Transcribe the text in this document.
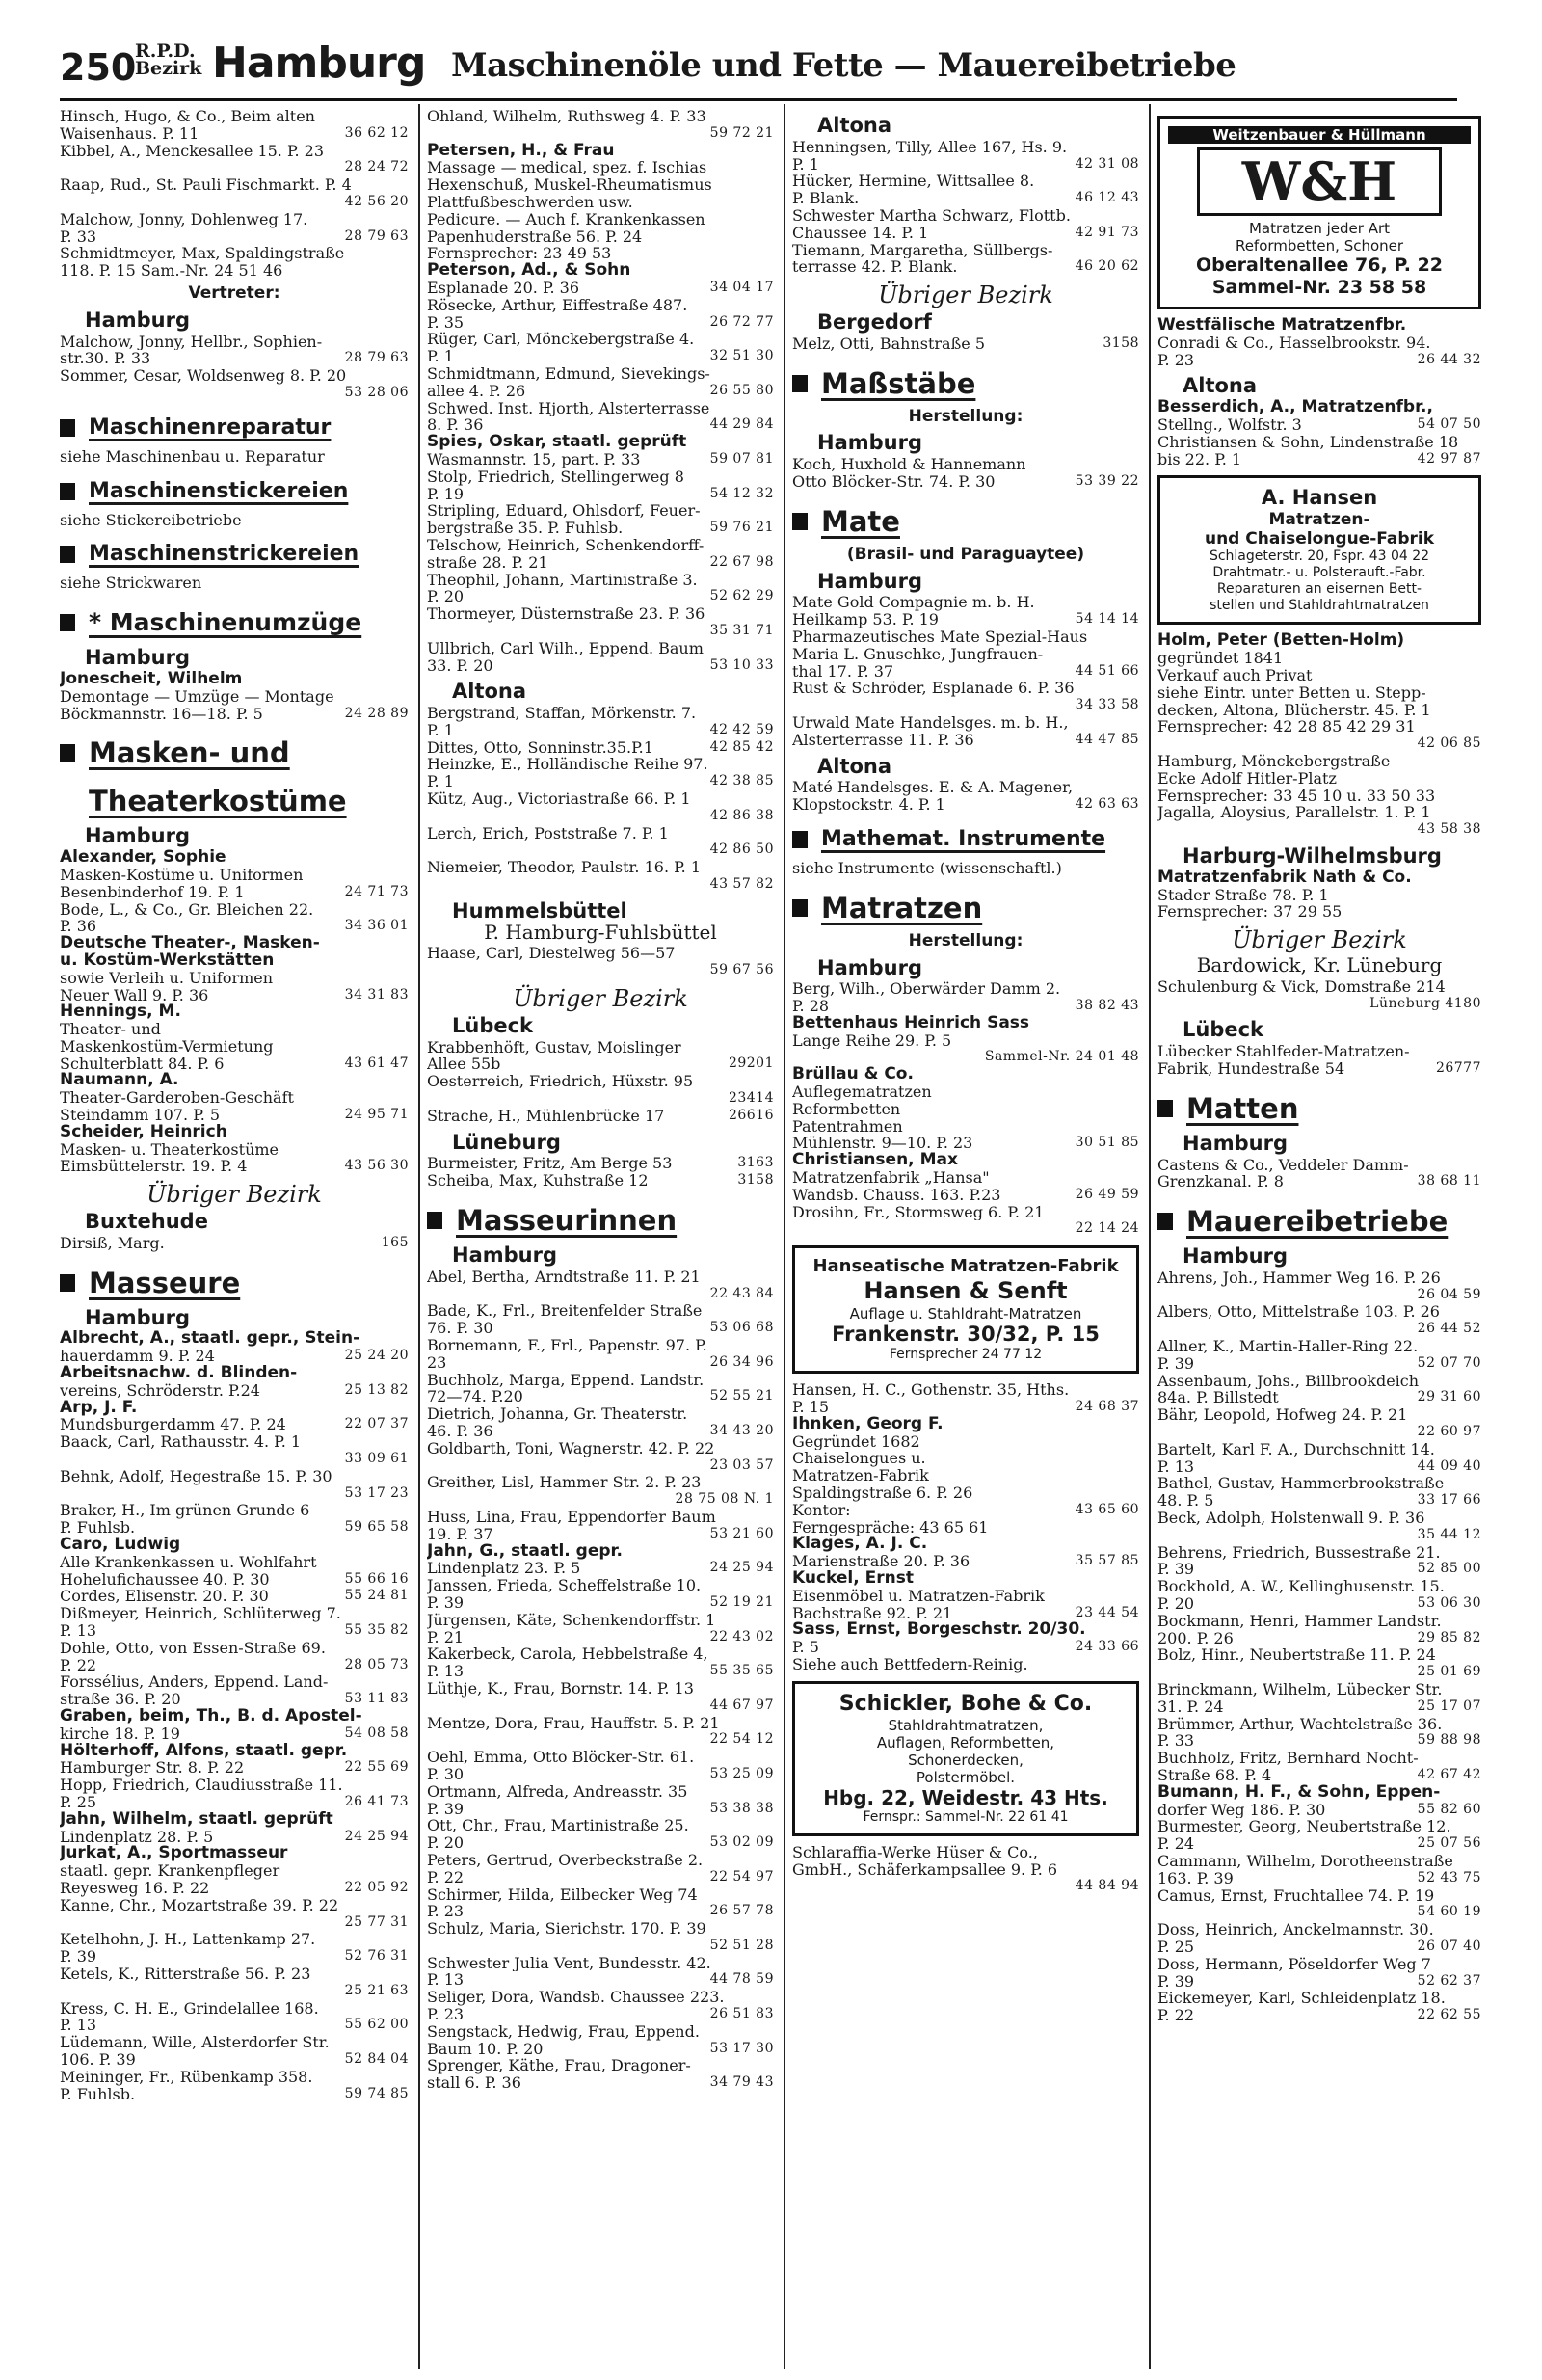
250
R.P.D.
Bezirk Hamburg Maschinenöle und Fette — Mauereibetriebe
Hinsch, Hugo, & Co., Beim alten
36 62 12
Waisenhaus. P. 11
Kibbel, A., Menckesallee 15. P. 23
28 24 72
Raap, Rud., St. Pauli Fischmarkt. P. 4
42 56 20
Malchow, Jonny, Dohlenweg 17.
28 79 63
P. 33
Schmidtmeyer, Max, Spaldingstraße
118. P. 15 Sam.-Nr. 24 51 46
Vertreter:
Hamburg
Malchow, Jonny, Hellbr., Sophien-
28 79 63
str.30. P. 33
Sommer, Cesar, Woldsenweg 8. P. 20
53 28 06
Maschinenreparatur
siehe Maschinenbau u. Reparatur
Maschinenstickereien
siehe Stickereibetriebe
Maschinenstrickereien
siehe Strickwaren
* Maschinenumzüge
Hamburg
Jonescheit, Wilhelm
Demontage — Umzüge — Montage
24 28 89
Böckmannstr. 16—18. P. 5
Masken- und
Theaterkostüme
Hamburg
Alexander, Sophie
Masken-Kostüme u. Uniformen
24 71 73
Besenbinderhof 19. P. 1
Bode, L., & Co., Gr. Bleichen 22.
34 36 01
P. 36
Deutsche Theater-, Masken-
u. Kostüm-Werkstätten
sowie Verleih u. Uniformen
34 31 83
Neuer Wall 9. P. 36
Hennings, M.
Theater- und
Maskenkostüm-Vermietung
43 61 47
Schulterblatt 84. P. 6
Naumann, A.
Theater-Garderoben-Geschäft
24 95 71
Steindamm 107. P. 5
Scheider, Heinrich
Masken- u. Theaterkostüme
43 56 30
Eimsbüttelerstr. 19. P. 4
Übriger Bezirk
Buxtehude
165
Dirsiß, Marg.
Masseure
Hamburg
Albrecht, A., staatl. gepr., Stein-
25 24 20
hauerdamm 9. P. 24
Arbeitsnachw. d. Blinden-
25 13 82
vereins, Schröderstr. P.24
Arp, J. F.
22 07 37
Mundsburgerdamm 47. P. 24
Baack, Carl, Rathausstr. 4. P. 1
33 09 61
Behnk, Adolf, Hegestraße 15. P. 30
53 17 23
Braker, H., Im grünen Grunde 6
59 65 58
P. Fuhlsb.
Caro, Ludwig
Alle Krankenkassen u. Wohlfahrt
55 66 16
Hohelufichaussee 40. P. 30
55 24 81
Cordes, Elisenstr. 20. P. 30
Dißmeyer, Heinrich, Schlüterweg 7.
55 35 82
P. 13
Dohle, Otto, von Essen-Straße 69.
28 05 73
P. 22
Forssélius, Anders, Eppend. Land-
53 11 83
straße 36. P. 20
Graben, beim, Th., B. d. Apostel-
54 08 58
kirche 18. P. 19
Hölterhoff, Alfons, staatl. gepr.
22 55 69
Hamburger Str. 8. P. 22
Hopp, Friedrich, Claudiusstraße 11.
26 41 73
P. 25
Jahn, Wilhelm, staatl. geprüft
24 25 94
Lindenplatz 28. P. 5
Jurkat, A., Sportmasseur
staatl. gepr. Krankenpfleger
22 05 92
Reyesweg 16. P. 22
Kanne, Chr., Mozartstraße 39. P. 22
25 77 31
Ketelhohn, J. H., Lattenkamp 27.
52 76 31
P. 39
Ketels, K., Ritterstraße 56. P. 23
25 21 63
Kress, C. H. E., Grindelallee 168.
55 62 00
P. 13
Lüdemann, Wille, Alsterdorfer Str.
52 84 04
106. P. 39
Meininger, Fr., Rübenkamp 358.
59 74 85
P. Fuhlsb.
Ohland, Wilhelm, Ruthsweg 4. P. 33
59 72 21
Petersen, H., & Frau
Massage — medical, spez. f. Ischias
Hexenschuß, Muskel-Rheumatismus
Plattfußbeschwerden usw.
Pedicure. — Auch f. Krankenkassen
Papenhuderstraße 56. P. 24
Fernsprecher: 23 49 53
Peterson, Ad., & Sohn
34 04 17
Esplanade 20. P. 36
Rösecke, Arthur, Eiffestraße 487.
26 72 77
P. 35
Rüger, Carl, Mönckebergstraße 4.
32 51 30
P. 1
Schmidtmann, Edmund, Sievekings-
26 55 80
allee 4. P. 26
Schwed. Inst. Hjorth, Alsterterrasse
44 29 84
8. P. 36
Spies, Oskar, staatl. geprüft
59 07 81
Wasmannstr. 15, part. P. 33
Stolp, Friedrich, Stellingerweg 8
54 12 32
P. 19
Stripling, Eduard, Ohlsdorf, Feuer-
59 76 21
bergstraße 35. P. Fuhlsb.
Telschow, Heinrich, Schenkendorff-
22 67 98
straße 28. P. 21
Theophil, Johann, Martinistraße 3.
52 62 29
P. 20
Thormeyer, Düsternstraße 23. P. 36
35 31 71
Ullbrich, Carl Wilh., Eppend. Baum
53 10 33
33. P. 20
Altona
Bergstrand, Staffan, Mörkenstr. 7.
42 42 59
P. 1
42 85 42
Dittes, Otto, Sonninstr.35.P.1
Heinzke, E., Holländische Reihe 97.
42 38 85
P. 1
Kütz, Aug., Victoriastraße 66. P. 1
42 86 38
Lerch, Erich, Poststraße 7. P. 1
42 86 50
Niemeier, Theodor, Paulstr. 16. P. 1
43 57 82
Hummelsbüttel
P. Hamburg-Fuhlsbüttel
Haase, Carl, Diestelweg 56—57
59 67 56
Übriger Bezirk
Lübeck
Krabbenhöft, Gustav, Moislinger
29201
Allee 55b
Oesterreich, Friedrich, Hüxstr. 95
23414
26616
Strache, H., Mühlenbrücke 17
Lüneburg
3163
Burmeister, Fritz, Am Berge 53
3158
Scheiba, Max, Kuhstraße 12
Masseurinnen
Hamburg
Abel, Bertha, Arndtstraße 11. P. 21
22 43 84
Bade, K., Frl., Breitenfelder Straße
53 06 68
76. P. 30
Bornemann, F., Frl., Papenstr. 97. P.
26 34 96
23
Buchholz, Marga, Eppend. Landstr.
52 55 21
72—74. P.20
Dietrich, Johanna, Gr. Theaterstr.
34 43 20
46. P. 36
Goldbarth, Toni, Wagnerstr. 42. P. 22
23 03 57
Greither, Lisl, Hammer Str. 2. P. 23
28 75 08 N. 1
Huss, Lina, Frau, Eppendorfer Baum
53 21 60
19. P. 37
Jahn, G., staatl. gepr.
24 25 94
Lindenplatz 23. P. 5
Janssen, Frieda, Scheffelstraße 10.
52 19 21
P. 39
Jürgensen, Käte, Schenkendorffstr. 1
22 43 02
P. 21
Kakerbeck, Carola, Hebbelstraße 4,
55 35 65
P. 13
Lüthje, K., Frau, Bornstr. 14. P. 13
44 67 97
Mentze, Dora, Frau, Hauffstr. 5. P. 21
22 54 12
Oehl, Emma, Otto Blöcker-Str. 61.
53 25 09
P. 30
Ortmann, Alfreda, Andreasstr. 35
53 38 38
P. 39
Ott, Chr., Frau, Martinistraße 25.
53 02 09
P. 20
Peters, Gertrud, Overbeckstraße 2.
22 54 97
P. 22
Schirmer, Hilda, Eilbecker Weg 74
26 57 78
P. 23
Schulz, Maria, Sierichstr. 170. P. 39
52 51 28
Schwester Julia Vent, Bundesstr. 42.
44 78 59
P. 13
Seliger, Dora, Wandsb. Chaussee 223.
26 51 83
P. 23
Sengstack, Hedwig, Frau, Eppend.
53 17 30
Baum 10. P. 20
Sprenger, Käthe, Frau, Dragoner-
34 79 43
stall 6. P. 36
Altona
Henningsen, Tilly, Allee 167, Hs. 9.
42 31 08
P. 1
Hücker, Hermine, Wittsallee 8.
46 12 43
P. Blank.
Schwester Martha Schwarz, Flottb.
42 91 73
Chaussee 14. P. 1
Tiemann, Margaretha, Süllbergs-
46 20 62
terrasse 42. P. Blank.
Übriger Bezirk
Bergedorf
3158
Melz, Otti, Bahnstraße 5
Maßstäbe
Herstellung:
Hamburg
Koch, Huxhold & Hannemann
53 39 22
Otto Blöcker-Str. 74. P. 30
Mate
(Brasil- und Paraguaytee)
Hamburg
Mate Gold Compagnie m. b. H.
54 14 14
Heilkamp 53. P. 19
Pharmazeutisches Mate Spezial-Haus
Maria L. Gnuschke, Jungfrauen-
44 51 66
thal 17. P. 37
Rust & Schröder, Esplanade 6. P. 36
34 33 58
Urwald Mate Handelsges. m. b. H.,
44 47 85
Alsterterrasse 11. P. 36
Altona
Maté Handelsges. E. & A. Magener,
42 63 63
Klopstockstr. 4. P. 1
Mathemat. Instrumente
siehe Instrumente (wissenschaftl.)
Matratzen
Herstellung:
Hamburg
Berg, Wilh., Oberwärder Damm 2.
38 82 43
P. 28
Bettenhaus Heinrich Sass
Lange Reihe 29. P. 5
Sammel-Nr. 24 01 48
Brüllau & Co.
Auflegematratzen
Reformbetten
Patentrahmen
30 51 85
Mühlenstr. 9—10. P. 23
Christiansen, Max
Matratzenfabrik „Hansa"
26 49 59
Wandsb. Chauss. 163. P.23
Drosihn, Fr., Stormsweg 6. P. 21
22 14 24
Hanseatische Matratzen-Fabrik
Hansen & Senft
Auflage u. Stahldraht-Matratzen
Frankenstr. 30/32, P. 15
Fernsprecher 24 77 12
Hansen, H. C., Gothenstr. 35, Hths.
24 68 37
P. 15
Ihnken, Georg F.
Gegründet 1682
Chaiselongues u.
Matratzen-Fabrik
Spaldingstraße 6. P. 26
43 65 60
Kontor:
Ferngespräche: 43 65 61
Klages, A. J. C.
35 57 85
Marienstraße 20. P. 36
Kuckel, Ernst
Eisenmöbel u. Matratzen-Fabrik
23 44 54
Bachstraße 92. P. 21
Sass, Ernst, Borgeschstr. 20/30.
24 33 66
P. 5
Siehe auch Bettfedern-Reinig.
Schickler, Bohe & Co.
Stahldrahtmatratzen,
Auflagen, Reformbetten,
Schonerdecken,
Polstermöbel.
Hbg. 22, Weidestr. 43 Hts.
Fernspr.: Sammel-Nr. 22 61 41
Schlaraffia-Werke Hüser & Co.,
GmbH., Schäferkampsallee 9. P. 6
44 84 94
Weitzenbauer & Hüllmann
W&H
Matratzen jeder Art
Reformbetten, Schoner
Oberaltenallee 76, P. 22
Sammel-Nr. 23 58 58
Westfälische Matratzenfbr.
Conradi & Co., Hasselbrookstr. 94.
26 44 32
P. 23
Altona
Besserdich, A., Matratzenfbr.,
54 07 50
Stellng., Wolfstr. 3
Christiansen & Sohn, Lindenstraße 18
42 97 87
bis 22. P. 1
A. Hansen
Matratzen-
und Chaiselongue-Fabrik
Schlageterstr. 20, Fspr. 43 04 22
Drahtmatr.- u. Polsterauft.-Fabr.
Reparaturen an eisernen Bett-
stellen und Stahldrahtmatratzen
Holm, Peter (Betten-Holm)
gegründet 1841
Verkauf auch Privat
siehe Eintr. unter Betten u. Stepp-
decken, Altona, Blücherstr. 45. P. 1
Fernsprecher: 42 28 85 42 29 31
42 06 85
Hamburg, Mönckebergstraße
Ecke Adolf Hitler-Platz
Fernsprecher: 33 45 10 u. 33 50 33
Jagalla, Aloysius, Parallelstr. 1. P. 1
43 58 38
Harburg-Wilhelmsburg
Matratzenfabrik Nath & Co.
Stader Straße 78. P. 1
Fernsprecher: 37 29 55
Übriger Bezirk
Bardowick, Kr. Lüneburg
Schulenburg & Vick, Domstraße 214
Lüneburg 4180
Lübeck
Lübecker Stahlfeder-Matratzen-
26777
Fabrik, Hundestraße 54
Matten
Hamburg
Castens & Co., Veddeler Damm-
38 68 11
Grenzkanal. P. 8
Mauereibetriebe
Hamburg
Ahrens, Joh., Hammer Weg 16. P. 26
26 04 59
Albers, Otto, Mittelstraße 103. P. 26
26 44 52
Allner, K., Martin-Haller-Ring 22.
52 07 70
P. 39
Assenbaum, Johs., Billbrookdeich
29 31 60
84a. P. Billstedt
Bähr, Leopold, Hofweg 24. P. 21
22 60 97
Bartelt, Karl F. A., Durchschnitt 14.
44 09 40
P. 13
Bathel, Gustav, Hammerbrookstraße
33 17 66
48. P. 5
Beck, Adolph, Holstenwall 9. P. 36
35 44 12
Behrens, Friedrich, Bussestraße 21.
52 85 00
P. 39
Bockhold, A. W., Kellinghusenstr. 15.
53 06 30
P. 20
Bockmann, Henri, Hammer Landstr.
29 85 82
200. P. 26
Bolz, Hinr., Neubertstraße 11. P. 24
25 01 69
Brinckmann, Wilhelm, Lübecker Str.
25 17 07
31. P. 24
Brümmer, Arthur, Wachtelstraße 36.
59 88 98
P. 33
Buchholz, Fritz, Bernhard Nocht-
42 67 42
Straße 68. P. 4
Bumann, H. F., & Sohn, Eppen-
55 82 60
dorfer Weg 186. P. 30
Burmester, Georg, Neubertstraße 12.
25 07 56
P. 24
Cammann, Wilhelm, Dorotheenstraße
52 43 75
163. P. 39
Camus, Ernst, Fruchtallee 74. P. 19
54 60 19
Doss, Heinrich, Anckelmannstr. 30.
26 07 40
P. 25
Doss, Hermann, Pöseldorfer Weg 7
52 62 37
P. 39
Eickemeyer, Karl, Schleidenplatz 18.
22 62 55
P. 22
